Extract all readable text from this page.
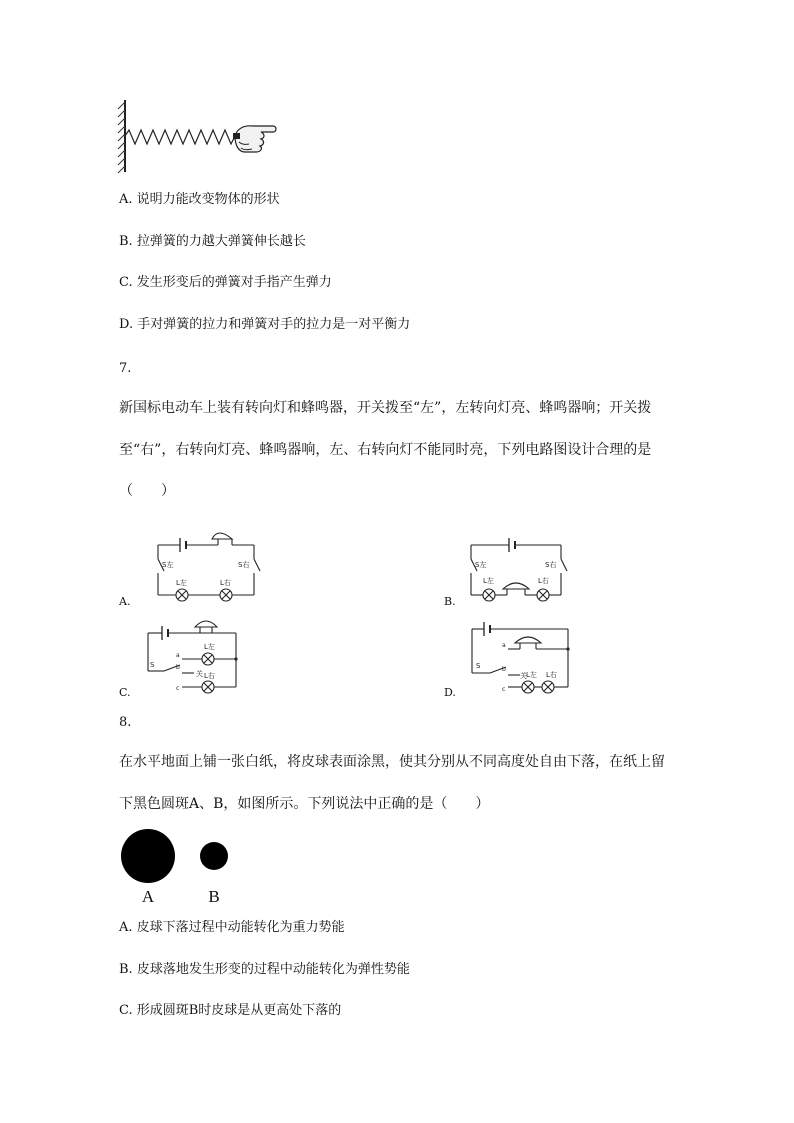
A. 说明力能改变物体的形状
B. 拉弹簧的力越大弹簧伸长越长
C. 发生形变后的弹簧对手指产生弹力
D. 手对弹簧的拉力和弹簧对手的拉力是一对平衡力
7.
新国标电动车上装有转向灯和蜂鸣器，开关拨至“左”，左转向灯亮、蜂鸣器响；开关拨
至“右”，右转向灯亮、蜂鸣器响，左、右转向灯不能同时亮，下列电路图设计合理的是
（　　）
A.
S左	S右
L左	L右
B.
S左	S右
L左	L右
C.
S
a
b
c
关
L左
L右
D.
S
a
b
c
关 L左 L右
8.
在水平地面上铺一张白纸，将皮球表面涂黑，使其分别从不同高度处自由下落，在纸上留
下黑色圆斑A、B，如图所示。下列说法中正确的是（　　）
A	B
A. 皮球下落过程中动能转化为重力势能
B. 皮球落地发生形变的过程中动能转化为弹性势能
C. 形成圆斑B时皮球是从更高处下落的
